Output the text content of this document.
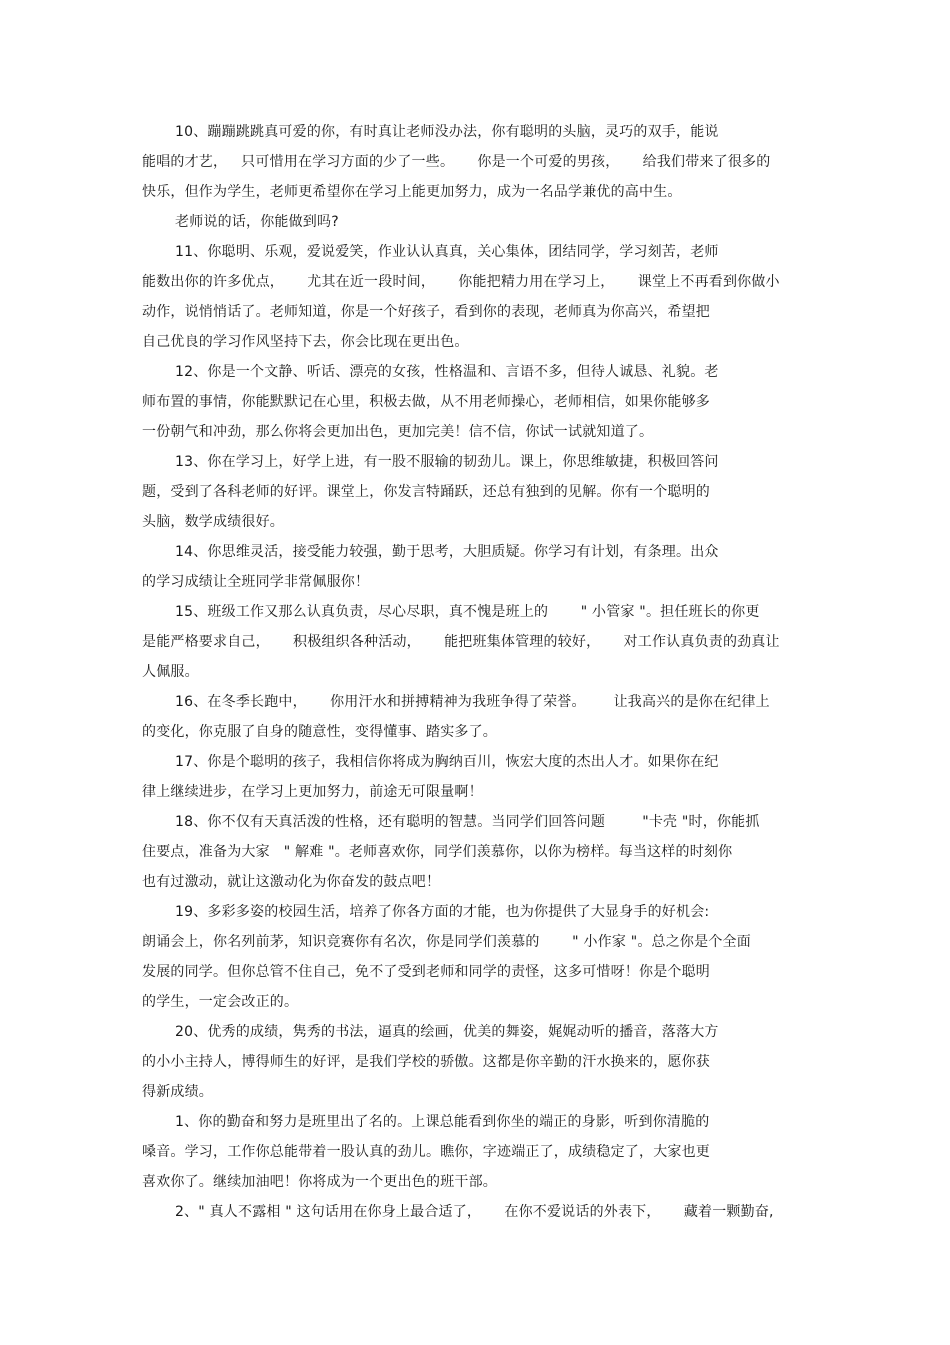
10、蹦蹦跳跳真可爱的你，有时真让老师没办法，你有聪明的头脑，灵巧的双手，能说
能唱的才艺，   只可惜用在学习方面的少了一些。     你是一个可爱的男孩，     给我们带来了很多的
快乐，但作为学生，老师更希望你在学习上能更加努力，成为一名品学兼优的高中生。
老师说的话，你能做到吗?
11、你聪明、乐观，爱说爱笑，作业认认真真，关心集体，团结同学，学习刻苦，老师
能数出你的许多优点，     尤其在近一段时间，     你能把精力用在学习上，     课堂上不再看到你做小
动作，说悄悄话了。老师知道，你是一个好孩子，看到你的表现，老师真为你高兴，希望把
自己优良的学习作风坚持下去，你会比现在更出色。
12、你是一个文静、听话、漂亮的女孩，性格温和、言语不多，但待人诚恳、礼貌。老
师布置的事情，你能默默记在心里，积极去做，从不用老师操心，老师相信，如果你能够多
一份朝气和冲劲，那么你将会更加出色，更加完美！信不信，你试一试就知道了。
13、你在学习上，好学上进，有一股不服输的韧劲儿。课上，你思维敏捷，积极回答问
题，受到了各科老师的好评。课堂上，你发言特踊跃，还总有独到的见解。你有一个聪明的
头脑，数学成绩很好。
14、你思维灵活，接受能力较强，勤于思考，大胆质疑。你学习有计划，有条理。出众
的学习成绩让全班同学非常佩服你！
15、班级工作又那么认真负责，尽心尽职，真不愧是班上的       " 小管家 "。担任班长的你更
是能严格要求自己，     积极组织各种活动，     能把班集体管理的较好，     对工作认真负责的劲真让
人佩服。
16、在冬季长跑中，     你用汗水和拼搏精神为我班争得了荣誉。      让我高兴的是你在纪律上
的变化，你克服了自身的随意性，变得懂事、踏实多了。
17、你是个聪明的孩子，我相信你将成为胸纳百川，恢宏大度的杰出人才。如果你在纪
律上继续进步，在学习上更加努力，前途无可限量啊！
18、你不仅有天真活泼的性格，还有聪明的智慧。当同学们回答问题        "卡壳 "时，你能抓
住要点，准备为大家   " 解难 "。老师喜欢你，同学们羡慕你，以你为榜样。每当这样的时刻你
也有过激动，就让这激动化为你奋发的鼓点吧！
19、多彩多姿的校园生活，培养了你各方面的才能，也为你提供了大显身手的好机会:
朗诵会上，你名列前茅，知识竞赛你有名次，你是同学们羡慕的       " 小作家 "。总之你是个全面
发展的同学。但你总管不住自己，免不了受到老师和同学的责怪，这多可惜呀！你是个聪明
的学生，一定会改正的。
20、优秀的成绩，隽秀的书法，逼真的绘画，优美的舞姿，娓娓动听的播音，落落大方
的小小主持人，博得师生的好评，是我们学校的骄傲。这都是你辛勤的汗水换来的，愿你获
得新成绩。
1、你的勤奋和努力是班里出了名的。上课总能看到你坐的端正的身影，听到你清脆的
嗓音。学习，工作你总能带着一股认真的劲儿。瞧你，字迹端正了，成绩稳定了，大家也更
喜欢你了。继续加油吧！你将成为一个更出色的班干部。
2、" 真人不露相 " 这句话用在你身上最合适了，     在你不爱说话的外表下，     藏着一颗勤奋,
